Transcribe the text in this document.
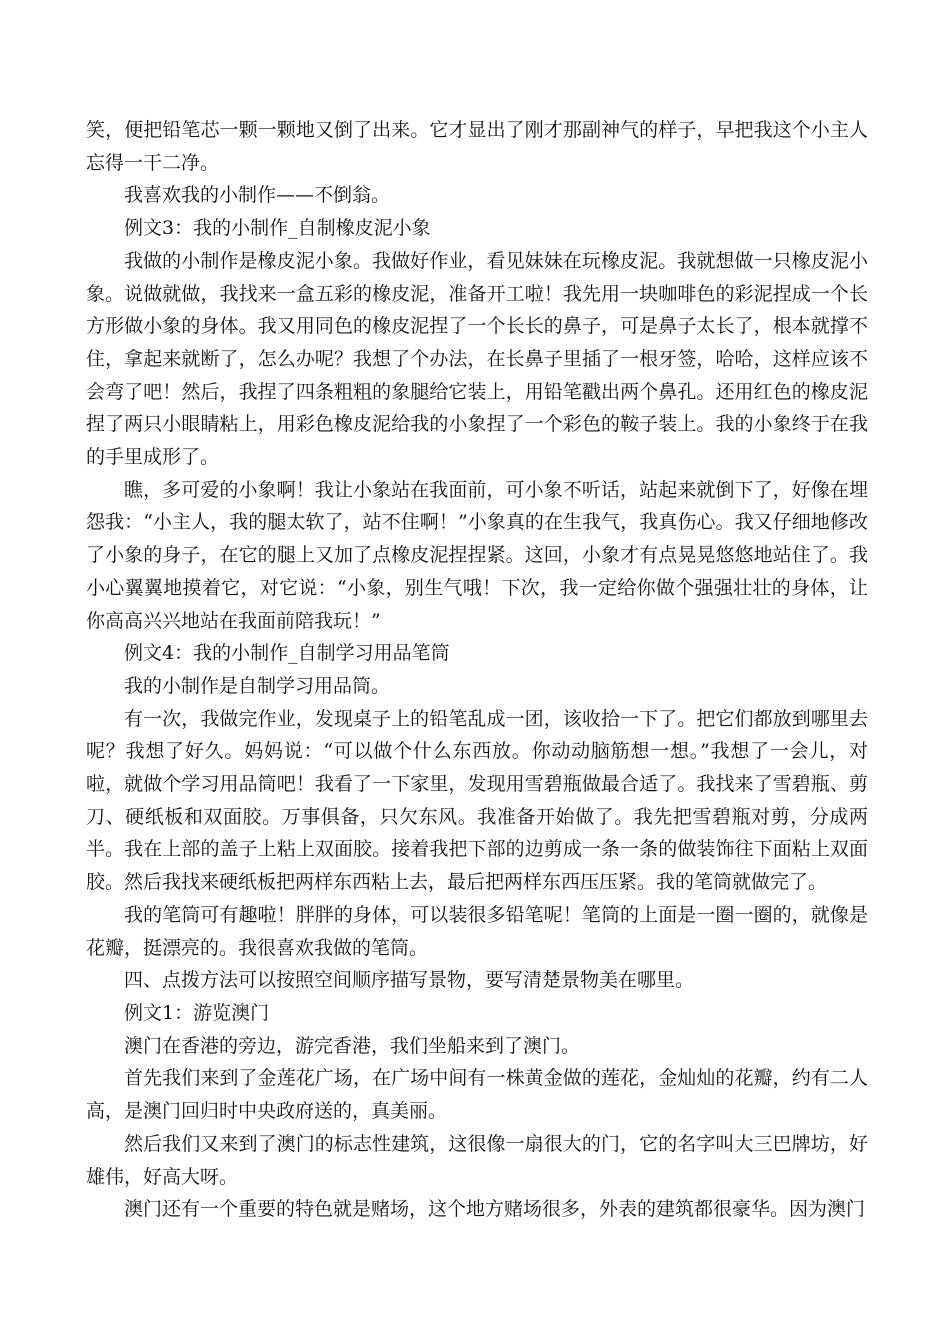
笑，便把铅笔芯一颗一颗地又倒了出来。它才显出了刚才那副神气的样子，早把我这个小主人忘得一干二净。

我喜欢我的小制作——不倒翁。

例文3：我的小制作_自制橡皮泥小象

我做的小制作是橡皮泥小象。我做好作业，看见妹妹在玩橡皮泥。我就想做一只橡皮泥小象。说做就做，我找来一盒五彩的橡皮泥，准备开工啦！我先用一块咖啡色的彩泥捏成一个长方形做小象的身体。我又用同色的橡皮泥捏了一个长长的鼻子，可是鼻子太长了，根本就撑不住，拿起来就断了，怎么办呢？我想了个办法，在长鼻子里插了一根牙签，哈哈，这样应该不会弯了吧！然后，我捏了四条粗粗的象腿给它装上，用铅笔戳出两个鼻孔。还用红色的橡皮泥捏了两只小眼睛粘上，用彩色橡皮泥给我的小象捏了一个彩色的鞍子装上。我的小象终于在我的手里成形了。

瞧，多可爱的小象啊！我让小象站在我面前，可小象不听话，站起来就倒下了，好像在埋怨我：“小主人，我的腿太软了，站不住啊！”小象真的在生我气，我真伤心。我又仔细地修改了小象的身子，在它的腿上又加了点橡皮泥捏捏紧。这回，小象才有点晃晃悠悠地站住了。我小心翼翼地摸着它，对它说：“小象，别生气哦！下次，我一定给你做个强强壮壮的身体，让你高高兴兴地站在我面前陪我玩！”

例文4：我的小制作_自制学习用品笔筒

我的小制作是自制学习用品筒。

有一次，我做完作业，发现桌子上的铅笔乱成一团，该收拾一下了。把它们都放到哪里去呢？我想了好久。妈妈说：“可以做个什么东西放。你动动脑筋想一想。”我想了一会儿，对啦，就做个学习用品筒吧！我看了一下家里，发现用雪碧瓶做最合适了。我找来了雪碧瓶、剪刀、硬纸板和双面胶。万事俱备，只欠东风。我准备开始做了。我先把雪碧瓶对剪，分成两半。我在上部的盖子上粘上双面胶。接着我把下部的边剪成一条一条的做装饰往下面粘上双面胶。然后我找来硬纸板把两样东西粘上去，最后把两样东西压压紧。我的笔筒就做完了。

我的笔筒可有趣啦！胖胖的身体，可以装很多铅笔呢！笔筒的上面是一圈一圈的，就像是花瓣，挺漂亮的。我很喜欢我做的笔筒。

四、点拨方法可以按照空间顺序描写景物，要写清楚景物美在哪里。

例文1：游览澳门

澳门在香港的旁边，游完香港，我们坐船来到了澳门。

首先我们来到了金莲花广场，在广场中间有一株黄金做的莲花，金灿灿的花瓣，约有二人高，是澳门回归时中央政府送的，真美丽。

然后我们又来到了澳门的标志性建筑，这很像一扇很大的门，它的名字叫大三巴牌坊，好雄伟，好高大呀。

澳门还有一个重要的特色就是赌场，这个地方赌场很多，外表的建筑都很豪华。因为澳门
